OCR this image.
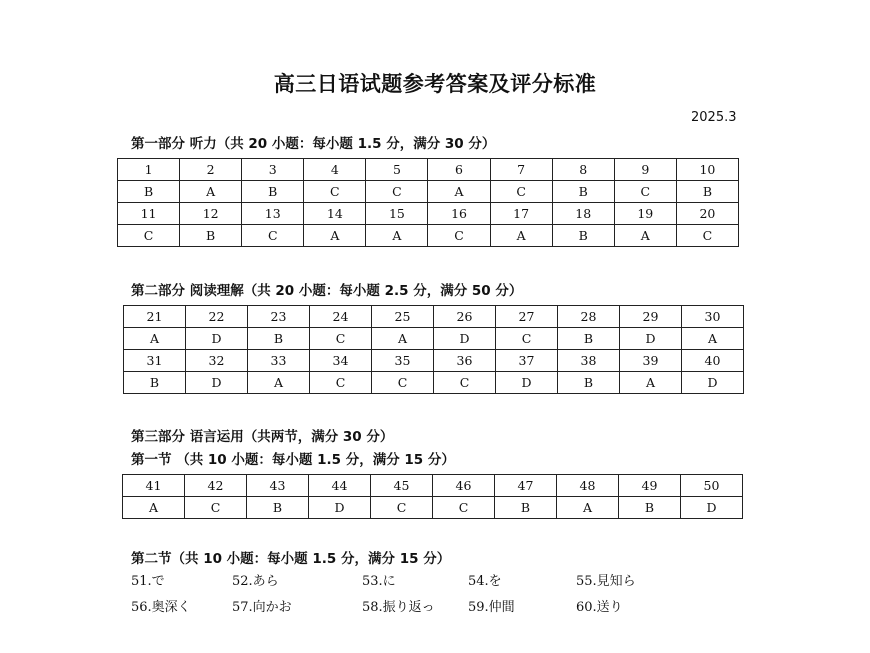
高三日语试题参考答案及评分标准
2025.3
第一部分 听力（共 20 小题：每小题 1.5 分，满分 30 分）
1	2	3	4	5	6	7	8	9	10
B	A	B	C	C	A	C	B	C	B
11	12	13	14	15	16	17	18	19	20
C	B	C	A	A	C	A	B	A	C
第二部分 阅读理解（共 20 小题：每小题 2.5 分，满分 50 分）
21	22	23	24	25	26	27	28	29	30
A	D	B	C	A	D	C	B	D	A
31	32	33	34	35	36	37	38	39	40
B	D	A	C	C	C	D	B	A	D
第三部分 语言运用（共两节，满分 30 分）
第一节 （共 10 小题：每小题 1.5 分，满分 15 分）
41	42	43	44	45	46	47	48	49	50
A	C	B	D	C	C	B	A	B	D
第二节（共 10 小题：每小题 1.5 分，满分 15 分）
51.で	52.あら	53.に	54.を	55.見知ら
56.奥深く	57.向かお	58.振り返っ	59.仲間	60.送り
